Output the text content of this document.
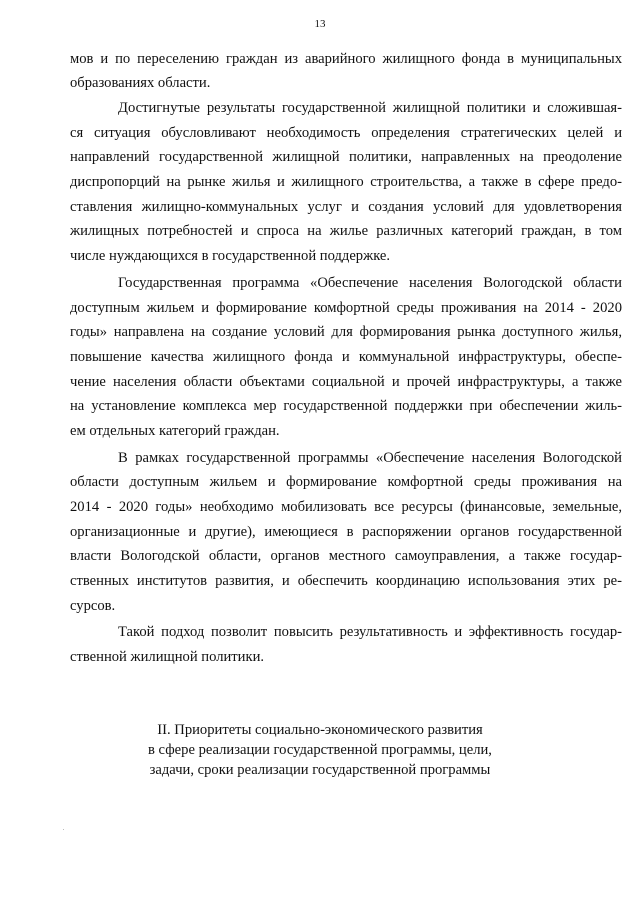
13
мов и по переселению граждан из аварийного жилищного фонда в муниципальных
образованиях области.
Достигнутые результаты государственной жилищной политики и сложившая-
ся ситуация обусловливают необходимость определения стратегических целей и
направлений государственной жилищной политики, направленных на преодоление
диспропорций на рынке жилья и жилищного строительства, а также в сфере предо-
ставления жилищно-коммунальных услуг и создания условий для удовлетворения
жилищных потребностей и спроса на жилье различных категорий граждан, в том
числе нуждающихся в государственной поддержке.
Государственная программа «Обеспечение населения Вологодской области
доступным жильем и формирование комфортной среды проживания на 2014 - 2020
годы» направлена на создание условий для формирования рынка доступного жилья,
повышение качества жилищного фонда и коммунальной инфраструктуры, обеспе-
чение населения области объектами социальной и прочей инфраструктуры, а также
на установление комплекса мер государственной поддержки при обеспечении жиль-
ем отдельных категорий граждан.
В рамках государственной программы «Обеспечение населения Вологодской
области доступным жильем и формирование комфортной среды проживания на
2014 - 2020 годы» необходимо мобилизовать все ресурсы (финансовые, земельные,
организационные и другие), имеющиеся в распоряжении органов государственной
власти Вологодской области, органов местного самоуправления, а также государ-
ственных институтов развития, и обеспечить координацию использования этих ре-
сурсов.
Такой подход позволит повысить результативность и эффективность государ-
ственной жилищной политики.
II. Приоритеты социально-экономического развития
в сфере реализации государственной программы, цели,
задачи, сроки реализации государственной программы
